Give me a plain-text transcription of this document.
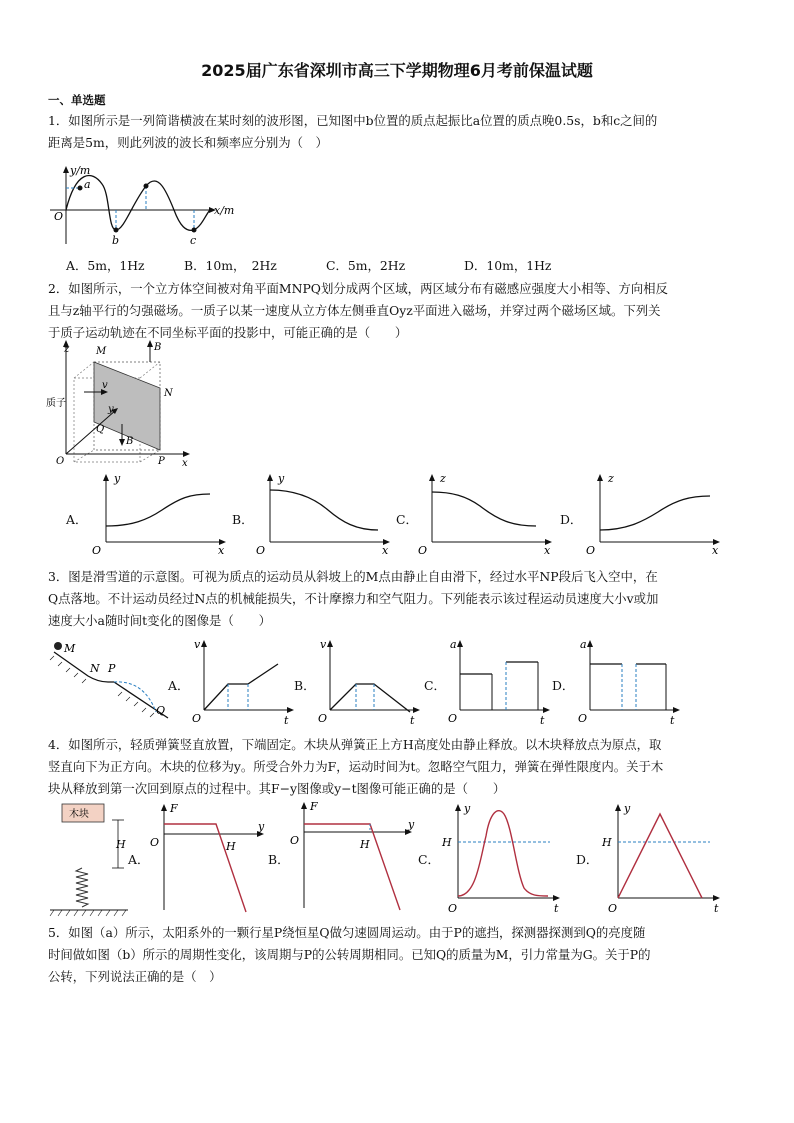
2025届广东省深圳市高三下学期物理6月考前保温试题
一、单选题
1．如图所示是一列简谐横波在某时刻的波形图，已知图中b位置的质点起振比a位置的质点晚0.5s，b和c之间的
距离是5m，则此列波的波长和频率应分别为（　）
y/m
x/m
O
a
b	c
A．5m，1Hz	B．10m，　2Hz	C．5m，2Hz	D．10m，1Hz
2．如图所示，一个立方体空间被对角平面MNPQ划分成两个区域，两区域分布有磁感应强度大小相等、方向相反
且与z轴平行的匀强磁场。一质子以某一速度从立方体左侧垂直Oyz平面进入磁场，并穿过两个磁场区域。下列关
于质子运动轨迹在不同坐标平面的投影中，可能正确的是（　　）
z	M
N
P
Q
O	x
y
B
B
v
质子
A．
y
x
O
B．
y
x
O
C．
z
x
O
D．
z
x
O
3．图是滑雪道的示意图。可视为质点的运动员从斜坡上的M点由静止自由滑下，经过水平NP段后飞入空中，在
Q点落地。不计运动员经过N点的机械能损失，不计摩擦力和空气阻力。下列能表示该过程运动员速度大小v或加
速度大小a随时间t变化的图像是（　　）
M
N P
Q
A．
v
t
O
B．
v
t
O
C．
a
t
O
D．
a
t
O
4．如图所示，轻质弹簧竖直放置，下端固定。木块从弹簧正上方H高度处由静止释放。以木块释放点为原点，取
竖直向下为正方向。木块的位移为y。所受合外力为F，运动时间为t。忽略空气阻力，弹簧在弹性限度内。关于木
块从释放到第一次回到原点的过程中。其F−y图像或y−t图像可能正确的是（　　）
木块
H
A．
F
y
O	H
B．
F
y
O	H
C．
y
t
O
H
D．
y
t
O
H
5．如图（a）所示，太阳系外的一颗行星P绕恒星Q做匀速圆周运动。由于P的遮挡，探测器探测到Q的亮度随
时间做如图（b）所示的周期性变化，该周期与P的公转周期相同。已知Q的质量为M，引力常量为G。关于P的
公转，下列说法正确的是（　）
